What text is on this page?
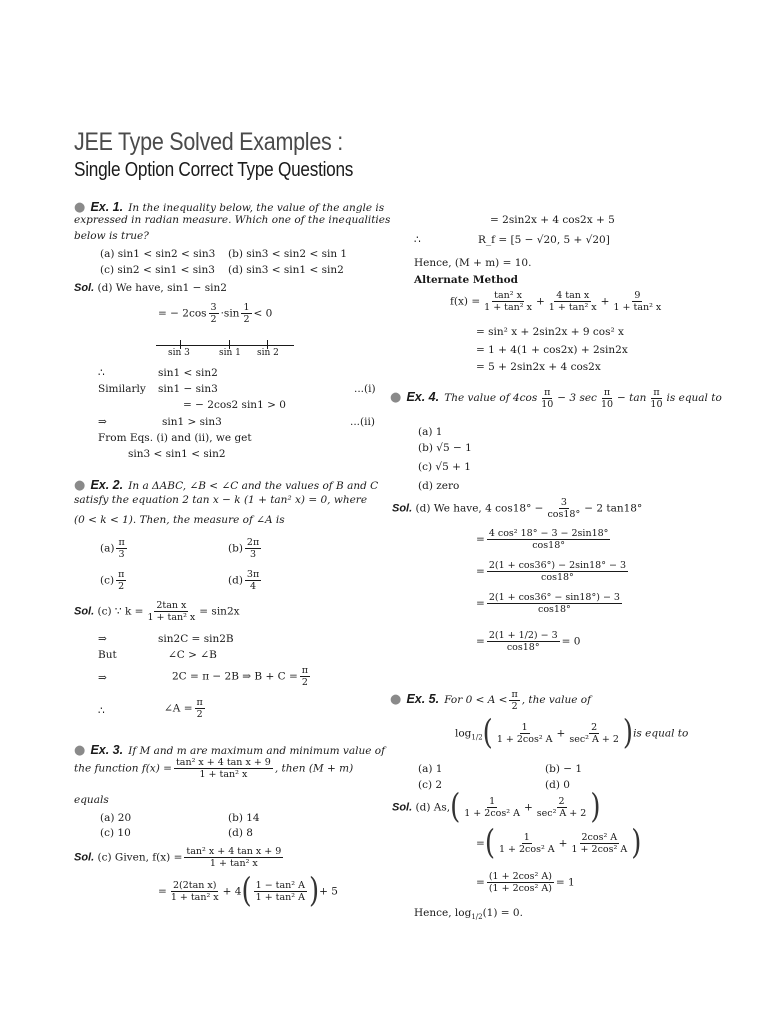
JEE Type Solved Examples :
Single Option Correct Type Questions
● Ex. 1. In the inequality below, the value of the angle is
expressed in radian measure. Which one of the inequalities
below is true?
(a) sin1 < sin2 < sin3 (b) sin3 < sin2 < sin 1
(c) sin2 < sin1 < sin3 (d) sin3 < sin1 < sin2
Sol. (d) We have, sin1 − sin2
= − $2\cos \frac{3}{2} \cdot\sin \frac{1}{2} < 0$
sin 3	sin 1 sin 2
∴	sin1 < sin2
Similarly sin1 − sin3	...(i)
= − 2cos2 sin1 > 0
⇒	sin1 > sin3	...(ii)
From Eqs. (i) and (ii), we get
sin3 < sin1 < sin2
● Ex. 2. In a ΔABC, ∠B < ∠C and the values of B and C
satisfy the equation 2 tan x − k (1 + tan² x) = 0, where
(0 < k < 1). Then, the measure of ∠A is
$(a) \frac{\pi}{3}$	$(b) \frac{2\pi}{3}$
$(c) \frac{\pi}{2}$	$(d) \frac{3\pi}{4}$
Sol. (c) ∵ $k = \frac{\text{2tan x}}{\text{1 + tan² x}} = \sin 2x$
⇒	sin2C = sin2B
But	∠C > ∠B
⇒	2C = π − 2B ⇒ $B + C = \frac{\pi}{2}$
∴	∠A = $\frac{\pi}{2}$
● Ex. 3. If M and m are maximum and minimum value of
the function $f(x) = \frac{\text{tan² x + 4 tan x + 9}}{\text{1 + tan² x}}$ , then (M + m)
equals
(a) 20	(b) 14
(c) 10	(d) 8
Sol. (c) Given, $f(x) = \frac{\text{tan² x + 4 tan x + 9}}{\text{1 + tan² x}}$
= $\frac{\text{2(2tan x)}}{\text{1 + tan² x}} + 4( \frac{\text{1 − tan² A}}{\text{1 + tan² A}}$ )+ 5
= 2sin2x + 4 cos2x + 5
∴	R_f = [5 − √20, 5 + √20]
Hence, (M + m) = 10.
Alternate Method
$f(x) = \frac{\text{tan² x}}{\text{1 + tan² x}} + \frac{\text{4 tan x}}{\text{1 + tan² x}} + \frac{9}{\text{1 + tan² x}}$
= sin² x + 2sin2x + 9 cos² x
= 1 + 4(1 + cos2x) + 2sin2x
= 5 + 2sin2x + 4 cos2x
● Ex. 4. The value of $4\cos \frac{\pi}{10} - 3$ $\sec \frac{\pi}{10} - \tan \frac{\pi}{10}$ is equal to
(a) 1
(b) √5 − 1
(c) √5 + 1
(d) zero
Sol. (d) We have, 4 $\cos 18^\circ - \frac{3}{\cos 18^\circ} - 2$ tan18°
= $\frac{\text{4 cos² 18° − 3 − 2sin18°}}{\cos 18^\circ}$
= $\frac{2(1 + \cos 36^\circ) - 2\sin 18^\circ - 3}{\cos 18^\circ}$
= $\frac{2(1 + \cos 36^\circ - \sin 18^\circ) - 3}{\cos 18^\circ}$
= $\frac{2(1 + 1/2) - 3}{\cos 18^\circ} = 0$
● Ex. 5. For $0 < A < \frac{\pi}{2}$ , the value of
$\log_{1/2}( \frac{1}{\text{1 + 2cos² A}} + \frac{2}{\text{sec² A + 2}} )is$ equal to
(a) 1	(b) − 1
(c) 2	(d) 0
Sol. (d) $As,( \frac{1}{\text{1 + 2cos² A}} + \frac{2}{\text{sec² A + 2}}$ )
=( $\frac{1}{\text{1 + 2cos² A}} + \frac{\text{2cos² A}}{\text{1 + 2cos² A}}$ )
= $\frac{\text{(1 + 2cos² A)}}{\text{(1 + 2cos² A)}} = 1$
Hence, $\log_{1/2}(1) = 0$.
